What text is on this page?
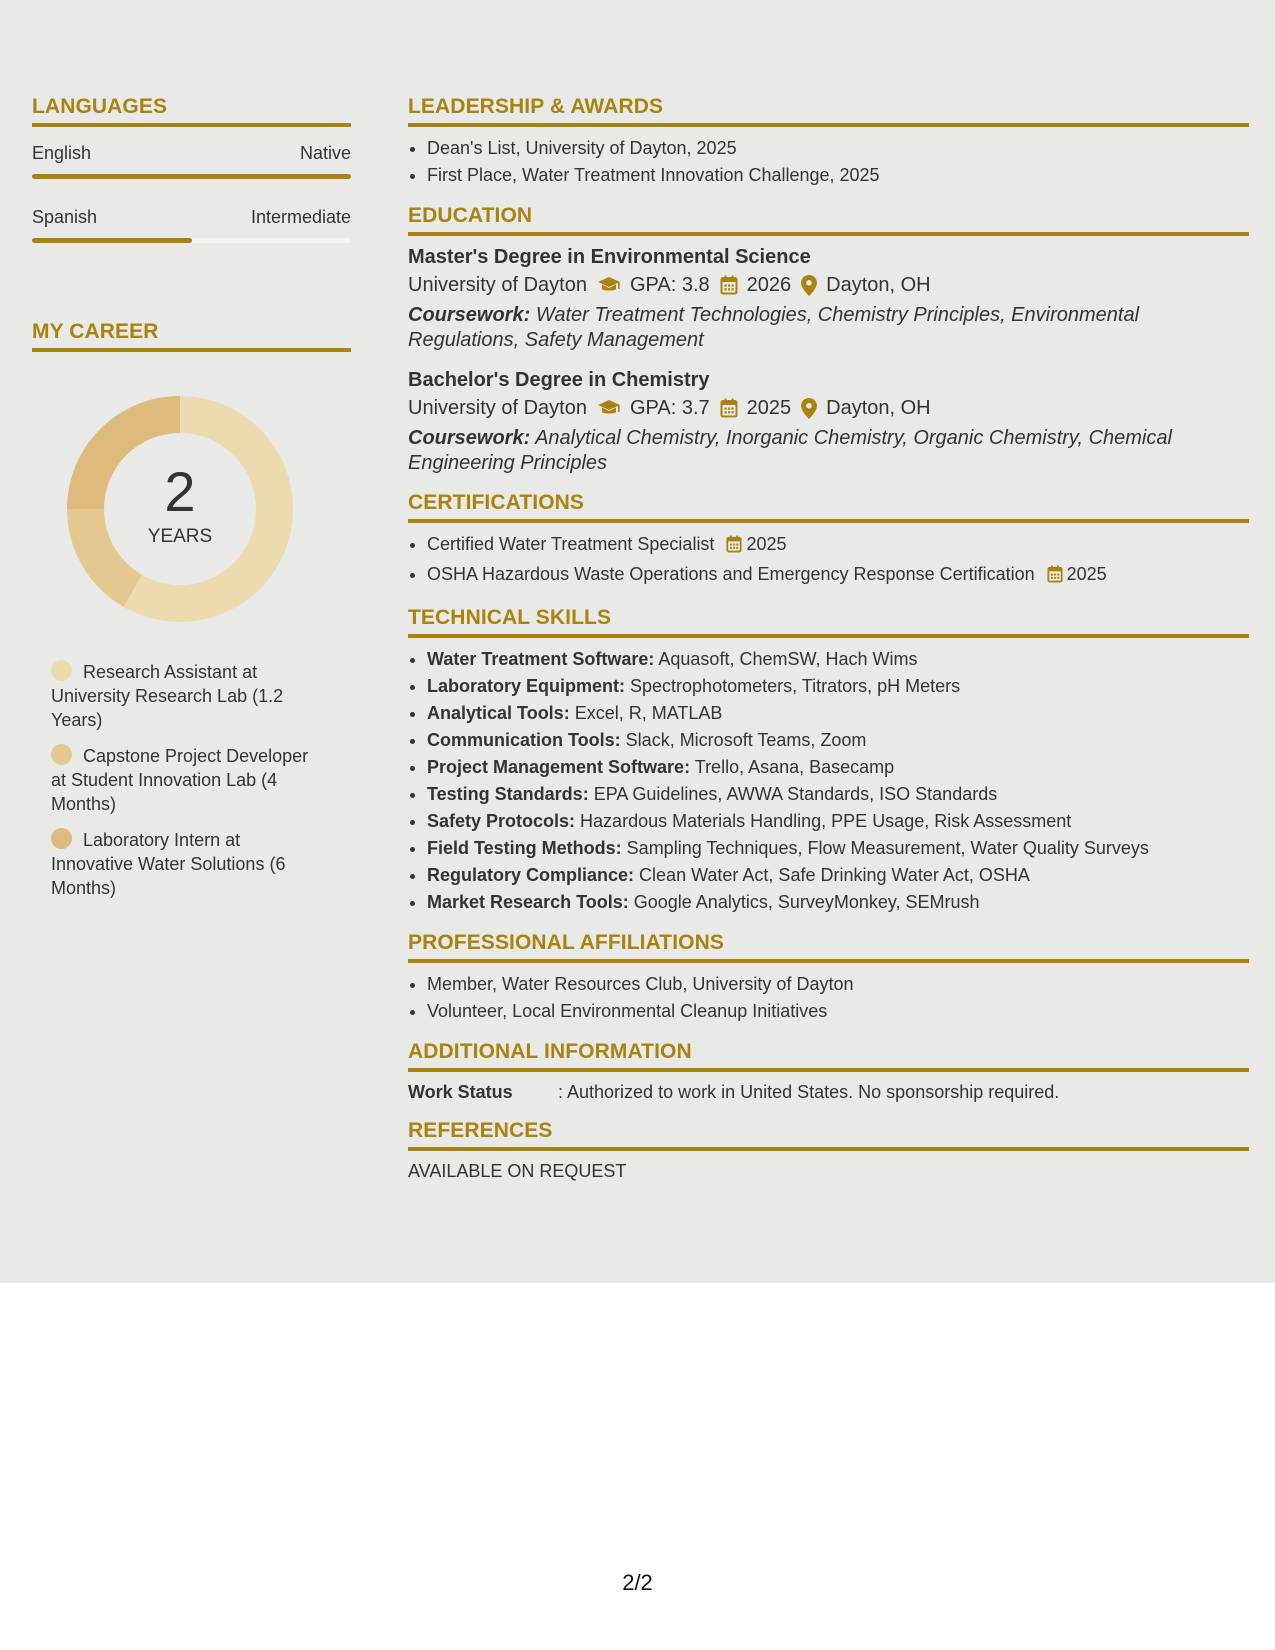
LANGUAGES
English	Native
Spanish	Intermediate
MY CAREER
2
YEARS
Research Assistant at University Research Lab (1.2 Years)
Capstone Project Developer at Student Innovation Lab (4 Months)
Laboratory Intern at Innovative Water Solutions (6 Months)
LEADERSHIP & AWARDS
• Dean's List, University of Dayton, 2025
• First Place, Water Treatment Innovation Challenge, 2025
EDUCATION
Master's Degree in Environmental Science
University of Dayton GPA: 3.8 2026 Dayton, OH
Coursework: Water Treatment Technologies, Chemistry Principles, Environmental Regulations, Safety Management
Bachelor's Degree in Chemistry
University of Dayton GPA: 3.7 2025 Dayton, OH
Coursework: Analytical Chemistry, Inorganic Chemistry, Organic Chemistry, Chemical Engineering Principles
CERTIFICATIONS
• Certified Water Treatment Specialist 2025
• OSHA Hazardous Waste Operations and Emergency Response Certification 2025
TECHNICAL SKILLS
• Water Treatment Software: Aquasoft, ChemSW, Hach Wims
• Laboratory Equipment: Spectrophotometers, Titrators, pH Meters
• Analytical Tools: Excel, R, MATLAB
• Communication Tools: Slack, Microsoft Teams, Zoom
• Project Management Software: Trello, Asana, Basecamp
• Testing Standards: EPA Guidelines, AWWA Standards, ISO Standards
• Safety Protocols: Hazardous Materials Handling, PPE Usage, Risk Assessment
• Field Testing Methods: Sampling Techniques, Flow Measurement, Water Quality Surveys
• Regulatory Compliance: Clean Water Act, Safe Drinking Water Act, OSHA
• Market Research Tools: Google Analytics, SurveyMonkey, SEMrush
PROFESSIONAL AFFILIATIONS
• Member, Water Resources Club, University of Dayton
• Volunteer, Local Environmental Cleanup Initiatives
ADDITIONAL INFORMATION
Work Status	: Authorized to work in United States. No sponsorship required.
REFERENCES
AVAILABLE ON REQUEST
2/2
